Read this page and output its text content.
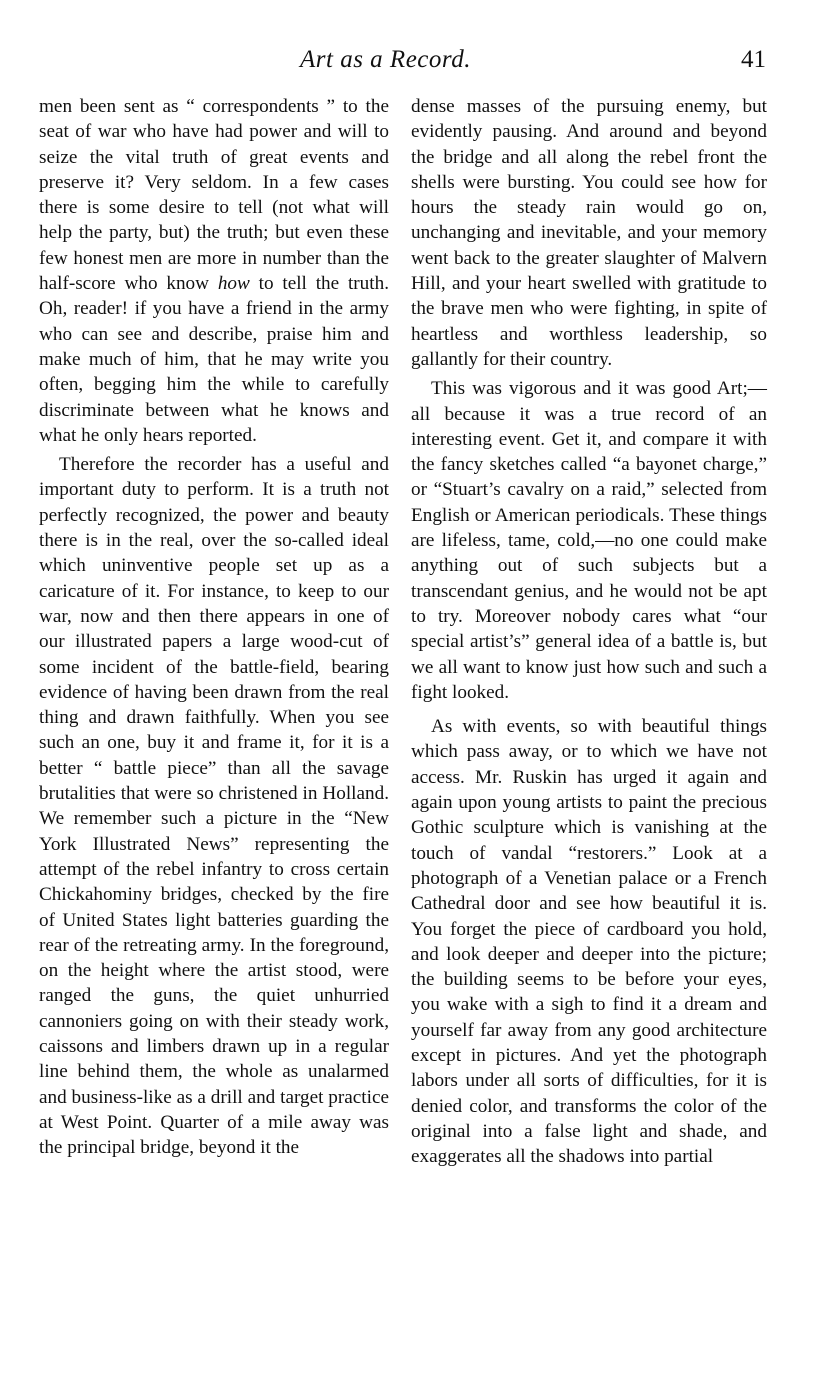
Art as a Record.	41

men been sent as “ correspondents ” to the seat of war who have had power and will to seize the vital truth of great events and preserve it? Very seldom. In a few cases there is some desire to tell (not what will help the party, but) the truth; but even these few honest men are more in number than the half-score who know how to tell the truth. Oh, reader! if you have a friend in the army who can see and describe, praise him and make much of him, that he may write you often, begging him the while to carefully discriminate between what he knows and what he only hears reported.

Therefore the recorder has a useful and important duty to perform. It is a truth not perfectly recognized, the power and beauty there is in the real, over the so-called ideal which uninventive people set up as a caricature of it. For instance, to keep to our war, now and then there appears in one of our illustrated papers a large wood-cut of some incident of the battle-field, bearing evidence of having been drawn from the real thing and drawn faithfully. When you see such an one, buy it and frame it, for it is a better “ battle piece” than all the savage brutalities that were so christened in Holland. We remember such a picture in the “New York Illustrated News” representing the attempt of the rebel infantry to cross certain Chickahominy bridges, checked by the fire of United States light batteries guarding the rear of the retreating army. In the foreground, on the height where the artist stood, were ranged the guns, the quiet unhurried cannoniers going on with their steady work, caissons and limbers drawn up in a regular line behind them, the whole as unalarmed and business-like as a drill and target practice at West Point. Quarter of a mile away was the principal bridge, beyond it the

dense masses of the pursuing enemy, but evidently pausing. And around and beyond the bridge and all along the rebel front the shells were bursting. You could see how for hours the steady rain would go on, unchanging and inevitable, and your memory went back to the greater slaughter of Malvern Hill, and your heart swelled with gratitude to the brave men who were fighting, in spite of heartless and worthless leadership, so gallantly for their country.

This was vigorous and it was good Art;—all because it was a true record of an interesting event. Get it, and compare it with the fancy sketches called “a bayonet charge,” or “Stuart’s cavalry on a raid,” selected from English or American periodicals. These things are lifeless, tame, cold,—no one could make anything out of such subjects but a transcendant genius, and he would not be apt to try. Moreover nobody cares what “our special artist’s” general idea of a battle is, but we all want to know just how such and such a fight looked.

As with events, so with beautiful things which pass away, or to which we have not access. Mr. Ruskin has urged it again and again upon young artists to paint the precious Gothic sculpture which is vanishing at the touch of vandal “restorers.” Look at a photograph of a Venetian palace or a French Cathedral door and see how beautiful it is. You forget the piece of cardboard you hold, and look deeper and deeper into the picture; the building seems to be before your eyes, you wake with a sigh to find it a dream and yourself far away from any good architecture except in pictures. And yet the photograph labors under all sorts of difficulties, for it is denied color, and transforms the color of the original into a false light and shade, and exaggerates all the shadows into partial
